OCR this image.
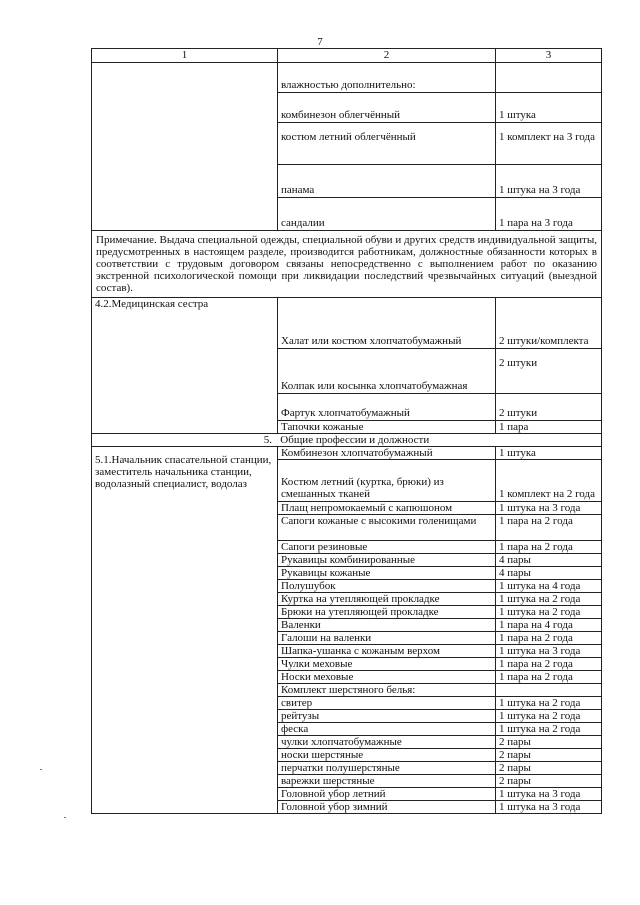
7
1	2	3
	влажностью дополнительно:	
	комбинезон облегчённый	1 штука
	костюм летний облегчённый	1 комплект на 3 года
	панама	1 штука на 3 года
	сандалии	1 пара на 3 года
Примечание. Выдача специальной одежды, специальной обуви и других средств индивидуальной защиты, предусмотренных в настоящем разделе, производится работникам, должностные обязанности которых в соответствии с трудовым договором связаны непосредственно с выполнением работ по оказанию экстренной психологической помощи при ликвидации последствий чрезвычайных ситуаций (выездной состав).		
4.2.Медицинская сестра	Халат или костюм хлопчатобумажный	2 штуки/комплекта
	Колпак или косынка хлопчатобумажная	2 штуки
	Фартук хлопчатобумажный	2 штуки
	Тапочки кожаные	1 пара
5. Общие профессии и должности		
5.1.Начальник спасательной станции, заместитель начальника станции, водолазный специалист, водолаз	Комбинезон хлопчатобумажный	1 штука
	Костюм летний (куртка, брюки) из смешанных тканей	1 комплект на 2 года
	Плащ непромокаемый с капюшоном	1 штука на 3 года
	Сапоги кожаные с высокими голенищами	1 пара на 2 года
	Сапоги резиновые	1 пара на 2 года
	Рукавицы комбинированные	4 пары
	Рукавицы кожаные	4 пары
	Полушубок	1 штука на 4 года
	Куртка на утепляющей прокладке	1 штука на 2 года
	Брюки на утепляющей прокладке	1 штука на 2 года
	Валенки	1 пара на 4 года
	Галоши на валенки	1 пара на 2 года
	Шапка-ушанка с кожаным верхом	1 штука на 3 года
	Чулки меховые	1 пара на 2 года
	Носки меховые	1 пара на 2 года
	Комплект шерстяного белья:	
	свитер	1 штука на 2 года
	рейтузы	1 штука на 2 года
	феска	1 штука на 2 года
	чулки хлопчатобумажные	2 пары
	носки шерстяные	2 пары
	перчатки полушерстяные	2 пары
	варежки шерстяные	2 пары
	Головной убор летний	1 штука на 3 года
	Головной убор зимний	1 штука на 3 года
